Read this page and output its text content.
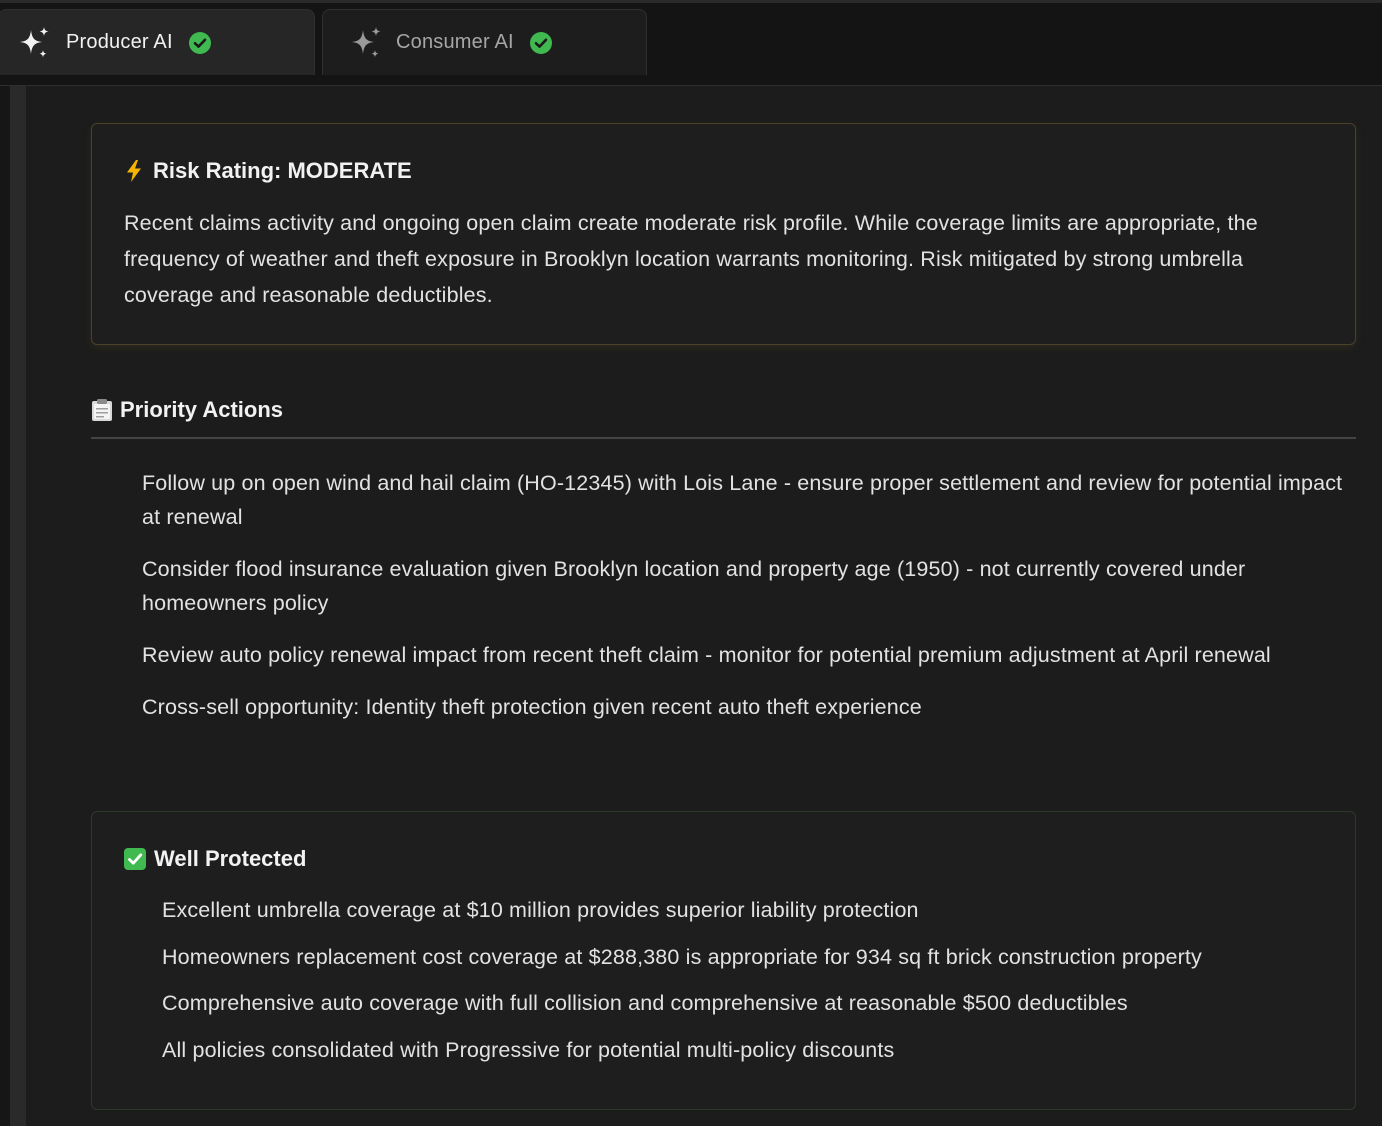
Producer AI	Consumer AI
Risk Rating: MODERATE
Recent claims activity and ongoing open claim create moderate risk profile. While coverage limits are appropriate, the frequency of weather and theft exposure in Brooklyn location warrants monitoring. Risk mitigated by strong umbrella coverage and reasonable deductibles.
Priority Actions
Follow up on open wind and hail claim (HO-12345) with Lois Lane - ensure proper settlement and review for potential impact at renewal
Consider flood insurance evaluation given Brooklyn location and property age (1950) - not currently covered under homeowners policy
Review auto policy renewal impact from recent theft claim - monitor for potential premium adjustment at April renewal
Cross-sell opportunity: Identity theft protection given recent auto theft experience
Well Protected
Excellent umbrella coverage at $10 million provides superior liability protection
Homeowners replacement cost coverage at $288,380 is appropriate for 934 sq ft brick construction property
Comprehensive auto coverage with full collision and comprehensive at reasonable $500 deductibles
All policies consolidated with Progressive for potential multi-policy discounts
